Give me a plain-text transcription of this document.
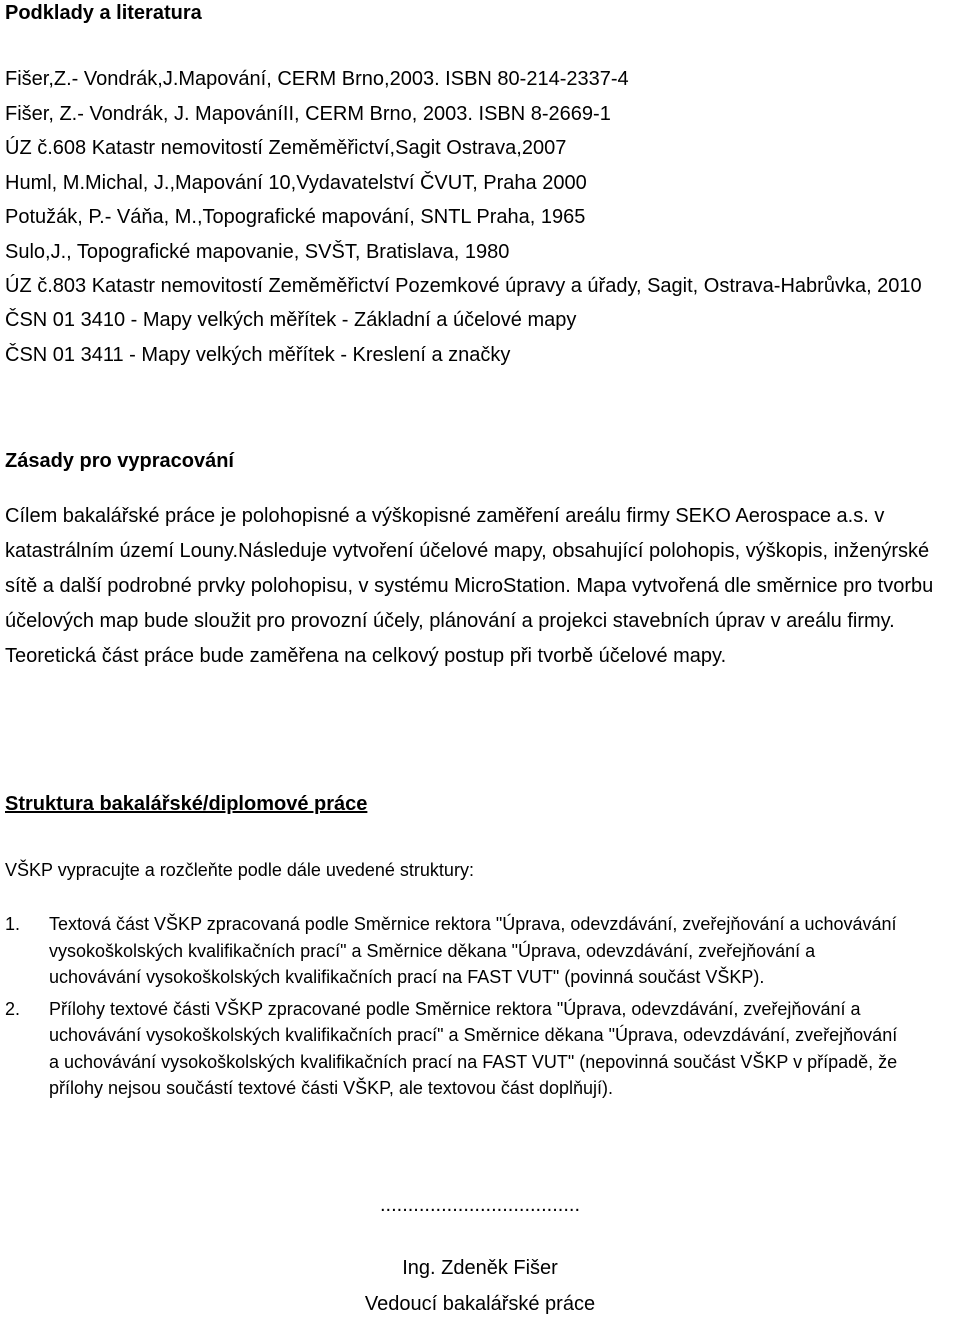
Podklady a literatura
Fišer,Z.- Vondrák,J.Mapování, CERM Brno,2003. ISBN 80-214-2337-4
Fišer, Z.- Vondrák, J. MapováníII, CERM Brno, 2003. ISBN 8-2669-1
ÚZ č.608 Katastr nemovitostí Zeměměřictví,Sagit Ostrava,2007
Huml, M.Michal, J.,Mapování 10,Vydavatelství ČVUT, Praha 2000
Potužák, P.- Váňa, M.,Topografické mapování, SNTL Praha, 1965
Sulo,J., Topografické mapovanie, SVŠT, Bratislava, 1980
ÚZ č.803 Katastr nemovitostí Zeměměřictví Pozemkové úpravy a úřady, Sagit, Ostrava-Habrůvka, 2010
ČSN 01 3410 - Mapy velkých měřítek - Základní a účelové mapy
ČSN 01 3411 - Mapy velkých měřítek - Kreslení a značky
Zásady pro vypracování

Cílem bakalářské práce je polohopisné a výškopisné zaměření areálu firmy SEKO Aerospace a.s. v katastrálním území Louny.Následuje vytvoření účelové mapy, obsahující polohopis, výškopis, inženýrské sítě a další podrobné prvky polohopisu, v systému MicroStation. Mapa vytvořená dle směrnice pro tvorbu účelových map bude sloužit pro provozní účely, plánování a projekci stavebních úprav v areálu firmy.

Teoretická část práce bude zaměřena na celkový postup při tvorbě účelové mapy.

Struktura bakalářské/diplomové práce
VŠKP vypracujte a rozčleňte podle dále uvedené struktury:
1.	Textová část VŠKP zpracovaná podle Směrnice rektora "Úprava, odevzdávání, zveřejňování a uchovávání vysokoškolských kvalifikačních prací" a Směrnice děkana "Úprava, odevzdávání, zveřejňování a uchovávání vysokoškolských kvalifikačních prací na FAST VUT" (povinná součást VŠKP).
2.	Přílohy textové části VŠKP zpracované podle Směrnice rektora "Úprava, odevzdávání, zveřejňování a uchovávání vysokoškolských kvalifikačních prací" a Směrnice děkana "Úprava, odevzdávání, zveřejňování a uchovávání vysokoškolských kvalifikačních prací na FAST VUT" (nepovinná součást VŠKP v případě, že přílohy nejsou součástí textové části VŠKP, ale textovou část doplňují).
....................................
Ing. Zdeněk Fišer
Vedoucí bakalářské práce
